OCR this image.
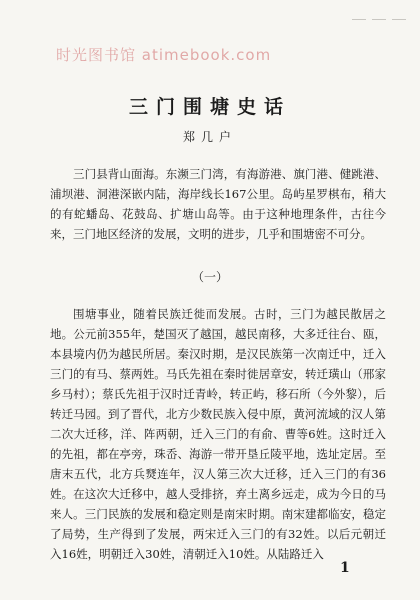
时光图书馆 atimebook.com
三门围塘史话
郑几户

三门县背山面海。东濒三门湾，有海游港、旗门港、健跳港、浦坝港、洞港深嵌内陆，海岸线长167公里。岛屿星罗棋布，稍大的有蛇蟠岛、花鼓岛、扩塘山岛等。由于这种地理条件，古往今来，三门地区经济的发展，文明的进步，几乎和围塘密不可分。

（一）

围塘事业，随着民族迁徙而发展。古时，三门为越民散居之地。公元前355年，楚国灭了越国，越民南移，大多迁往台、瓯，本县境内仍为越民所居。秦汉时期，是汉民族第一次南迁中，迁入三门的有马、蔡两姓。马氏先祖在秦时徙居章安，转迁璜山（邢家乡马村）；蔡氏先祖于汉时迁青岭，转正屿，移石所（今外黎），后转迁马园。到了晋代，北方少数民族入侵中原，黄河流域的汉人第二次大迁移，洋、阵两朝，迁入三门的有俞、曹等6姓。这时迁入的先祖，都在亭旁，珠岙、海游一带开垦丘陵平地，选址定居。至唐末五代，北方兵燹连年，汉人第三次大迁移，迁入三门的有36姓。在这次大迁移中，越人受排挤，弃土离乡远走，成为今日的马来人。三门民族的发展和稳定则是南宋时期。南宋建都临安，稳定了局势，生产得到了发展，两宋迁入三门的有32姓。以后元朝迁入16姓，明朝迁入30姓，清朝迁入10姓。从陆路迁入

1
